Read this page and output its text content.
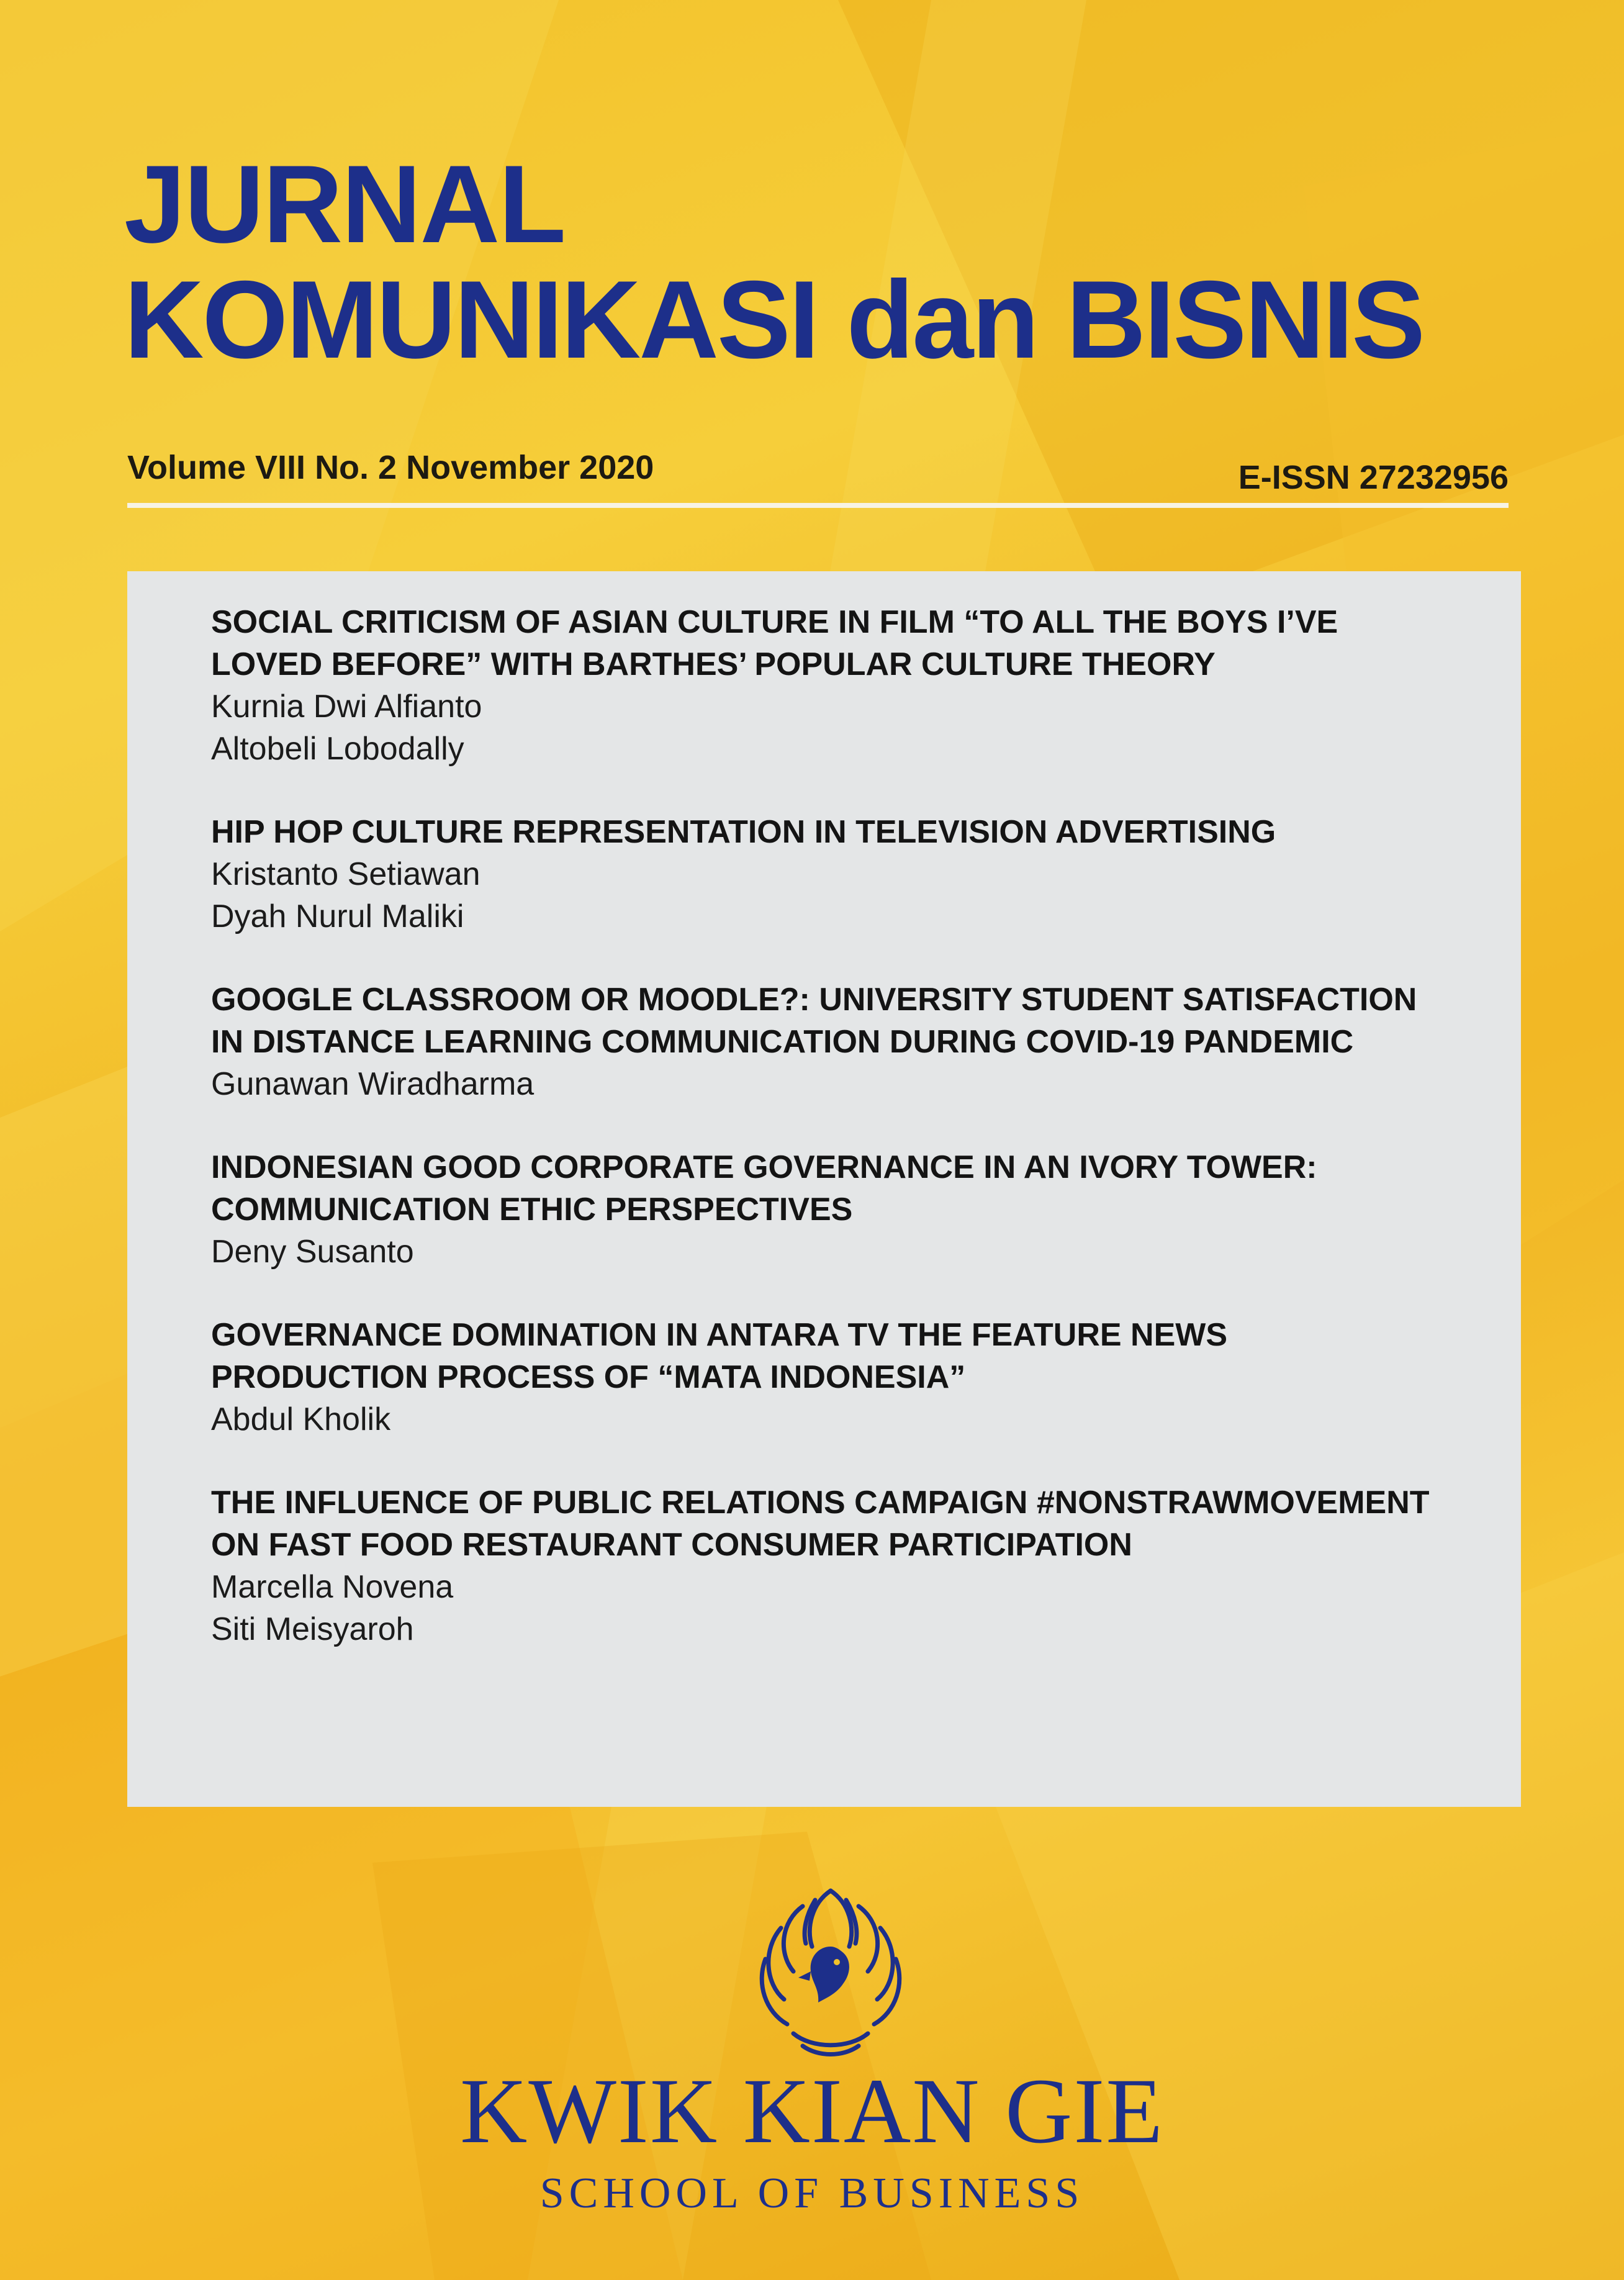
JURNAL
KOMUNIKASI dan BISNIS
Volume VIII No. 2 November 2020	E-ISSN 27232956

SOCIAL CRITICISM OF ASIAN CULTURE IN FILM “TO ALL THE BOYS I’VE LOVED BEFORE” WITH BARTHES’ POPULAR CULTURE THEORY

Kurnia Dwi Alfianto

Altobeli Lobodally

HIP HOP CULTURE REPRESENTATION IN TELEVISION ADVERTISING

Kristanto Setiawan

Dyah Nurul Maliki

GOOGLE CLASSROOM OR MOODLE?: UNIVERSITY STUDENT SATISFACTION IN DISTANCE LEARNING COMMUNICATION DURING COVID-19 PANDEMIC

Gunawan Wiradharma

INDONESIAN GOOD CORPORATE GOVERNANCE IN AN IVORY TOWER: COMMUNICATION ETHIC PERSPECTIVES

Deny Susanto

GOVERNANCE DOMINATION IN ANTARA TV THE FEATURE NEWS PRODUCTION PROCESS OF “MATA INDONESIA”

Abdul Kholik

THE INFLUENCE OF PUBLIC RELATIONS CAMPAIGN #NONSTRAWMOVEMENT ON FAST FOOD RESTAURANT CONSUMER PARTICIPATION

Marcella Novena

Siti Meisyaroh

KWIK KIAN GIE
SCHOOL OF BUSINESS
